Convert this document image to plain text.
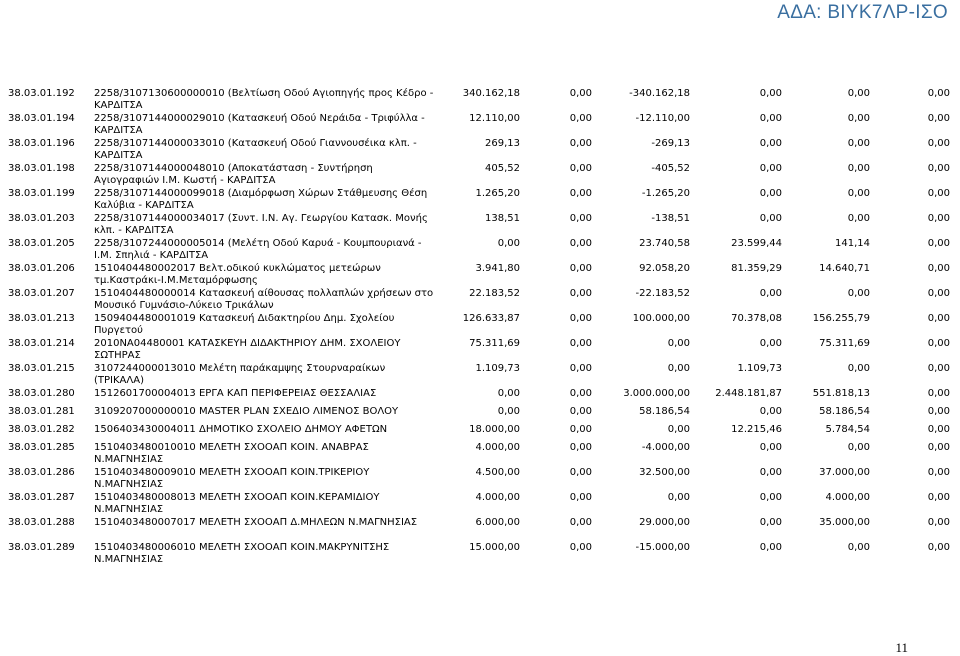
ΑΔΑ: ΒΙΥΚ7ΛΡ-ΙΣΟ
38.03.01.192	2258/3107130600000010 (Βελτίωση Οδού Αγιοπηγής προς Κέδρο - ΚΑΡΔΙΤΣΑ	340.162,18	0,00	-340.162,18	0,00	0,00	0,00
38.03.01.194	2258/3107144000029010 (Κατασκευή Οδού Νεράιδα - Τριφύλλα - ΚΑΡΔΙΤΣΑ	12.110,00	0,00	-12.110,00	0,00	0,00	0,00
38.03.01.196	2258/3107144000033010 (Κατασκευή Οδού Γιαννουσέικα κλπ. - ΚΑΡΔΙΤΣΑ	269,13	0,00	-269,13	0,00	0,00	0,00
38.03.01.198	2258/3107144000048010 (Αποκατάσταση - Συντήρηση Αγιογραφιών Ι.Μ. Κωστή - ΚΑΡΔΙΤΣΑ	405,52	0,00	-405,52	0,00	0,00	0,00
38.03.01.199	2258/3107144000099018 (Διαμόρφωση Χώρων Στάθμευσης Θέση Καλύβια - ΚΑΡΔΙΤΣΑ	1.265,20	0,00	-1.265,20	0,00	0,00	0,00
38.03.01.203	2258/3107144000034017 (Συντ. Ι.Ν. Αγ. Γεωργίου Κατασκ. Μονής κλπ. - ΚΑΡΔΙΤΣΑ	138,51	0,00	-138,51	0,00	0,00	0,00
38.03.01.205	2258/3107244000005014 (Μελέτη Οδού Καρυά - Κουμπουριανά - Ι.Μ. Σπηλιά - ΚΑΡΔΙΤΣΑ	0,00	0,00	23.740,58	23.599,44	141,14	0,00
38.03.01.206	1510404480002017 Βελτ.οδικού κυκλώματος μετεώρων τμ.Καστράκι-Ι.Μ.Μεταμόρφωσης	3.941,80	0,00	92.058,20	81.359,29	14.640,71	0,00
38.03.01.207	1510404480000014 Κατασκευή αίθουσας πολλαπλών χρήσεων στο Μουσικό Γυμνάσιο-Λύκειο Τρικάλων	22.183,52	0,00	-22.183,52	0,00	0,00	0,00
38.03.01.213	1509404480001019 Κατασκευή Διδακτηρίου Δημ. Σχολείου Πυργετού	126.633,87	0,00	100.000,00	70.378,08	156.255,79	0,00
38.03.01.214	2010ΝΑ04480001 ΚΑΤΑΣΚΕΥΗ ΔΙΔΑΚΤΗΡΙΟΥ ΔΗΜ. ΣΧΟΛΕΙΟΥ ΣΩΤΗΡΑΣ	75.311,69	0,00	0,00	0,00	75.311,69	0,00
38.03.01.215	3107244000013010 Μελέτη παράκαμψης Στουρναραίκων (ΤΡΙΚΑΛΑ)	1.109,73	0,00	0,00	1.109,73	0,00	0,00
38.03.01.280	1512601700004013 ΕΡΓΑ ΚΑΠ ΠΕΡΙΦΕΡΕΙΑΣ ΘΕΣΣΑΛΙΑΣ	0,00	0,00	3.000.000,00	2.448.181,87	551.818,13	0,00
38.03.01.281	3109207000000010 MASTER PLAN ΣΧΕΔΙΟ ΛΙΜΕΝΟΣ ΒΟΛΟΥ	0,00	0,00	58.186,54	0,00	58.186,54	0,00
38.03.01.282	1506403430004011 ΔΗΜΟΤΙΚΟ ΣΧΟΛΕΙΟ ΔΗΜΟΥ ΑΦΕΤΩΝ	18.000,00	0,00	0,00	12.215,46	5.784,54	0,00
38.03.01.285	1510403480010010 ΜΕΛΕΤΗ ΣΧΟΟΑΠ ΚΟΙΝ. ΑΝΑΒΡΑΣ Ν.ΜΑΓΝΗΣΙΑΣ	4.000,00	0,00	-4.000,00	0,00	0,00	0,00
38.03.01.286	1510403480009010 ΜΕΛΕΤΗ ΣΧΟΟΑΠ ΚΟΙΝ.ΤΡΙΚΕΡΙΟΥ Ν.ΜΑΓΝΗΣΙΑΣ	4.500,00	0,00	32.500,00	0,00	37.000,00	0,00
38.03.01.287	1510403480008013 ΜΕΛΕΤΗ ΣΧΟΟΑΠ ΚΟΙΝ.ΚΕΡΑΜΙΔΙΟΥ Ν.ΜΑΓΝΗΣΙΑΣ	4.000,00	0,00	0,00	0,00	4.000,00	0,00
38.03.01.288	1510403480007017 ΜΕΛΕΤΗ ΣΧΟΟΑΠ Δ.ΜΗΛΕΩΝ Ν.ΜΑΓΝΗΣΙΑΣ	6.000,00	0,00	29.000,00	0,00	35.000,00	0,00
38.03.01.289	1510403480006010 ΜΕΛΕΤΗ ΣΧΟΟΑΠ ΚΟΙΝ.ΜΑΚΡΥΝΙΤΣΗΣ Ν.ΜΑΓΝΗΣΙΑΣ	15.000,00	0,00	-15.000,00	0,00	0,00	0,00
11
